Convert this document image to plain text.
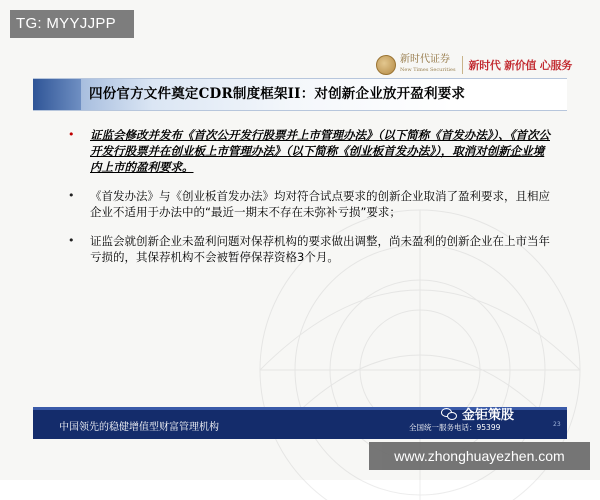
TG: MYYJJPP
新时代证券
New Times Securities 新时代 新价值 心服务
四份官方文件奠定CDR制度框架II：对创新企业放开盈利要求
• 证监会修改并发布《首次公开发行股票并上市管理办法》（以下简称《首发办法》）、《首次公开发行股票并在创业板上市管理办法》（以下简称《创业板首发办法》），取消对创新企业境内上市的盈利要求。
• 《首发办法》与《创业板首发办法》均对符合试点要求的创新企业取消了盈利要求，且相应企业不适用于办法中的“最近一期末不存在未弥补亏损”要求；
• 证监会就创新企业未盈利问题对保荐机构的要求做出调整，尚未盈利的创新企业在上市当年亏损的，其保荐机构不会被暂停保荐资格3个月。
中国领先的稳健增值型财富管理机构	全国统一服务电话：95399	23
金钜策股
www.zhonghuayezhen.com
